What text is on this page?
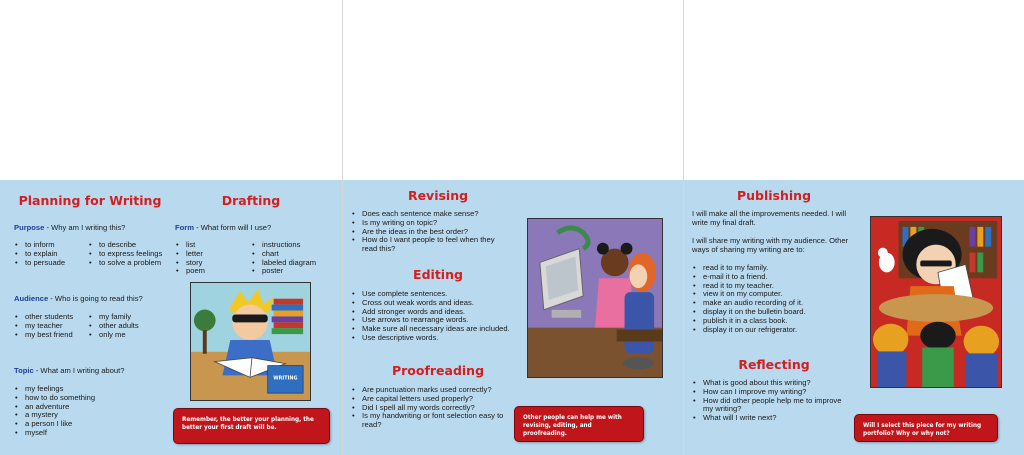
Planning for Writing	Drafting
Purpose - Why am I writing this?
• to inform
• to explain
• to persuade
• to describe
• to express feelings
• to solve a problem
Audience - Who is going to read this?
• other students
• my teacher
• my best friend
• my family
• other adults
• only me
Topic - What am I writing about?
• my feelings
• how to do something
• an adventure
• a mystery
• a person I like
• myself
Form - What form will I use?
• list
• letter
• story
• poem
• instructions
• chart
• labeled diagram
• poster
WRITING
Remember, the better your planning, the better your first draft will be.
Revising
• Does each sentence make sense?
• Is my writing on topic?
• Are the ideas in the best order?
• How do I want people to feel when they read this?
Editing
• Use complete sentences.
• Cross out weak words and ideas.
• Add stronger words and ideas.
• Use arrows to rearrange words.
• Make sure all necessary ideas are included.
• Use descriptive words.
Proofreading
• Are punctuation marks used correctly?
• Are capital letters used properly?
• Did I spell all my words correctly?
• Is my handwriting or font selection easy to read?
Other people can help me with revising, editing, and proofreading.
Publishing
I will make all the improvements needed. I will write my final draft.
I will share my writing with my audience. Other ways of sharing my writing are to:
• read it to my family.
• e-mail it to a friend.
• read it to my teacher.
• view it on my computer.
• make an audio recording of it.
• display it on the bulletin board.
• publish it in a class book.
• display it on our refrigerator.
Reflecting
• What is good about this writing?
• How can I improve my writing?
• How did other people help me to improve my writing?
• What will I write next?
Will I select this piece for my writing portfolio? Why or why not?
